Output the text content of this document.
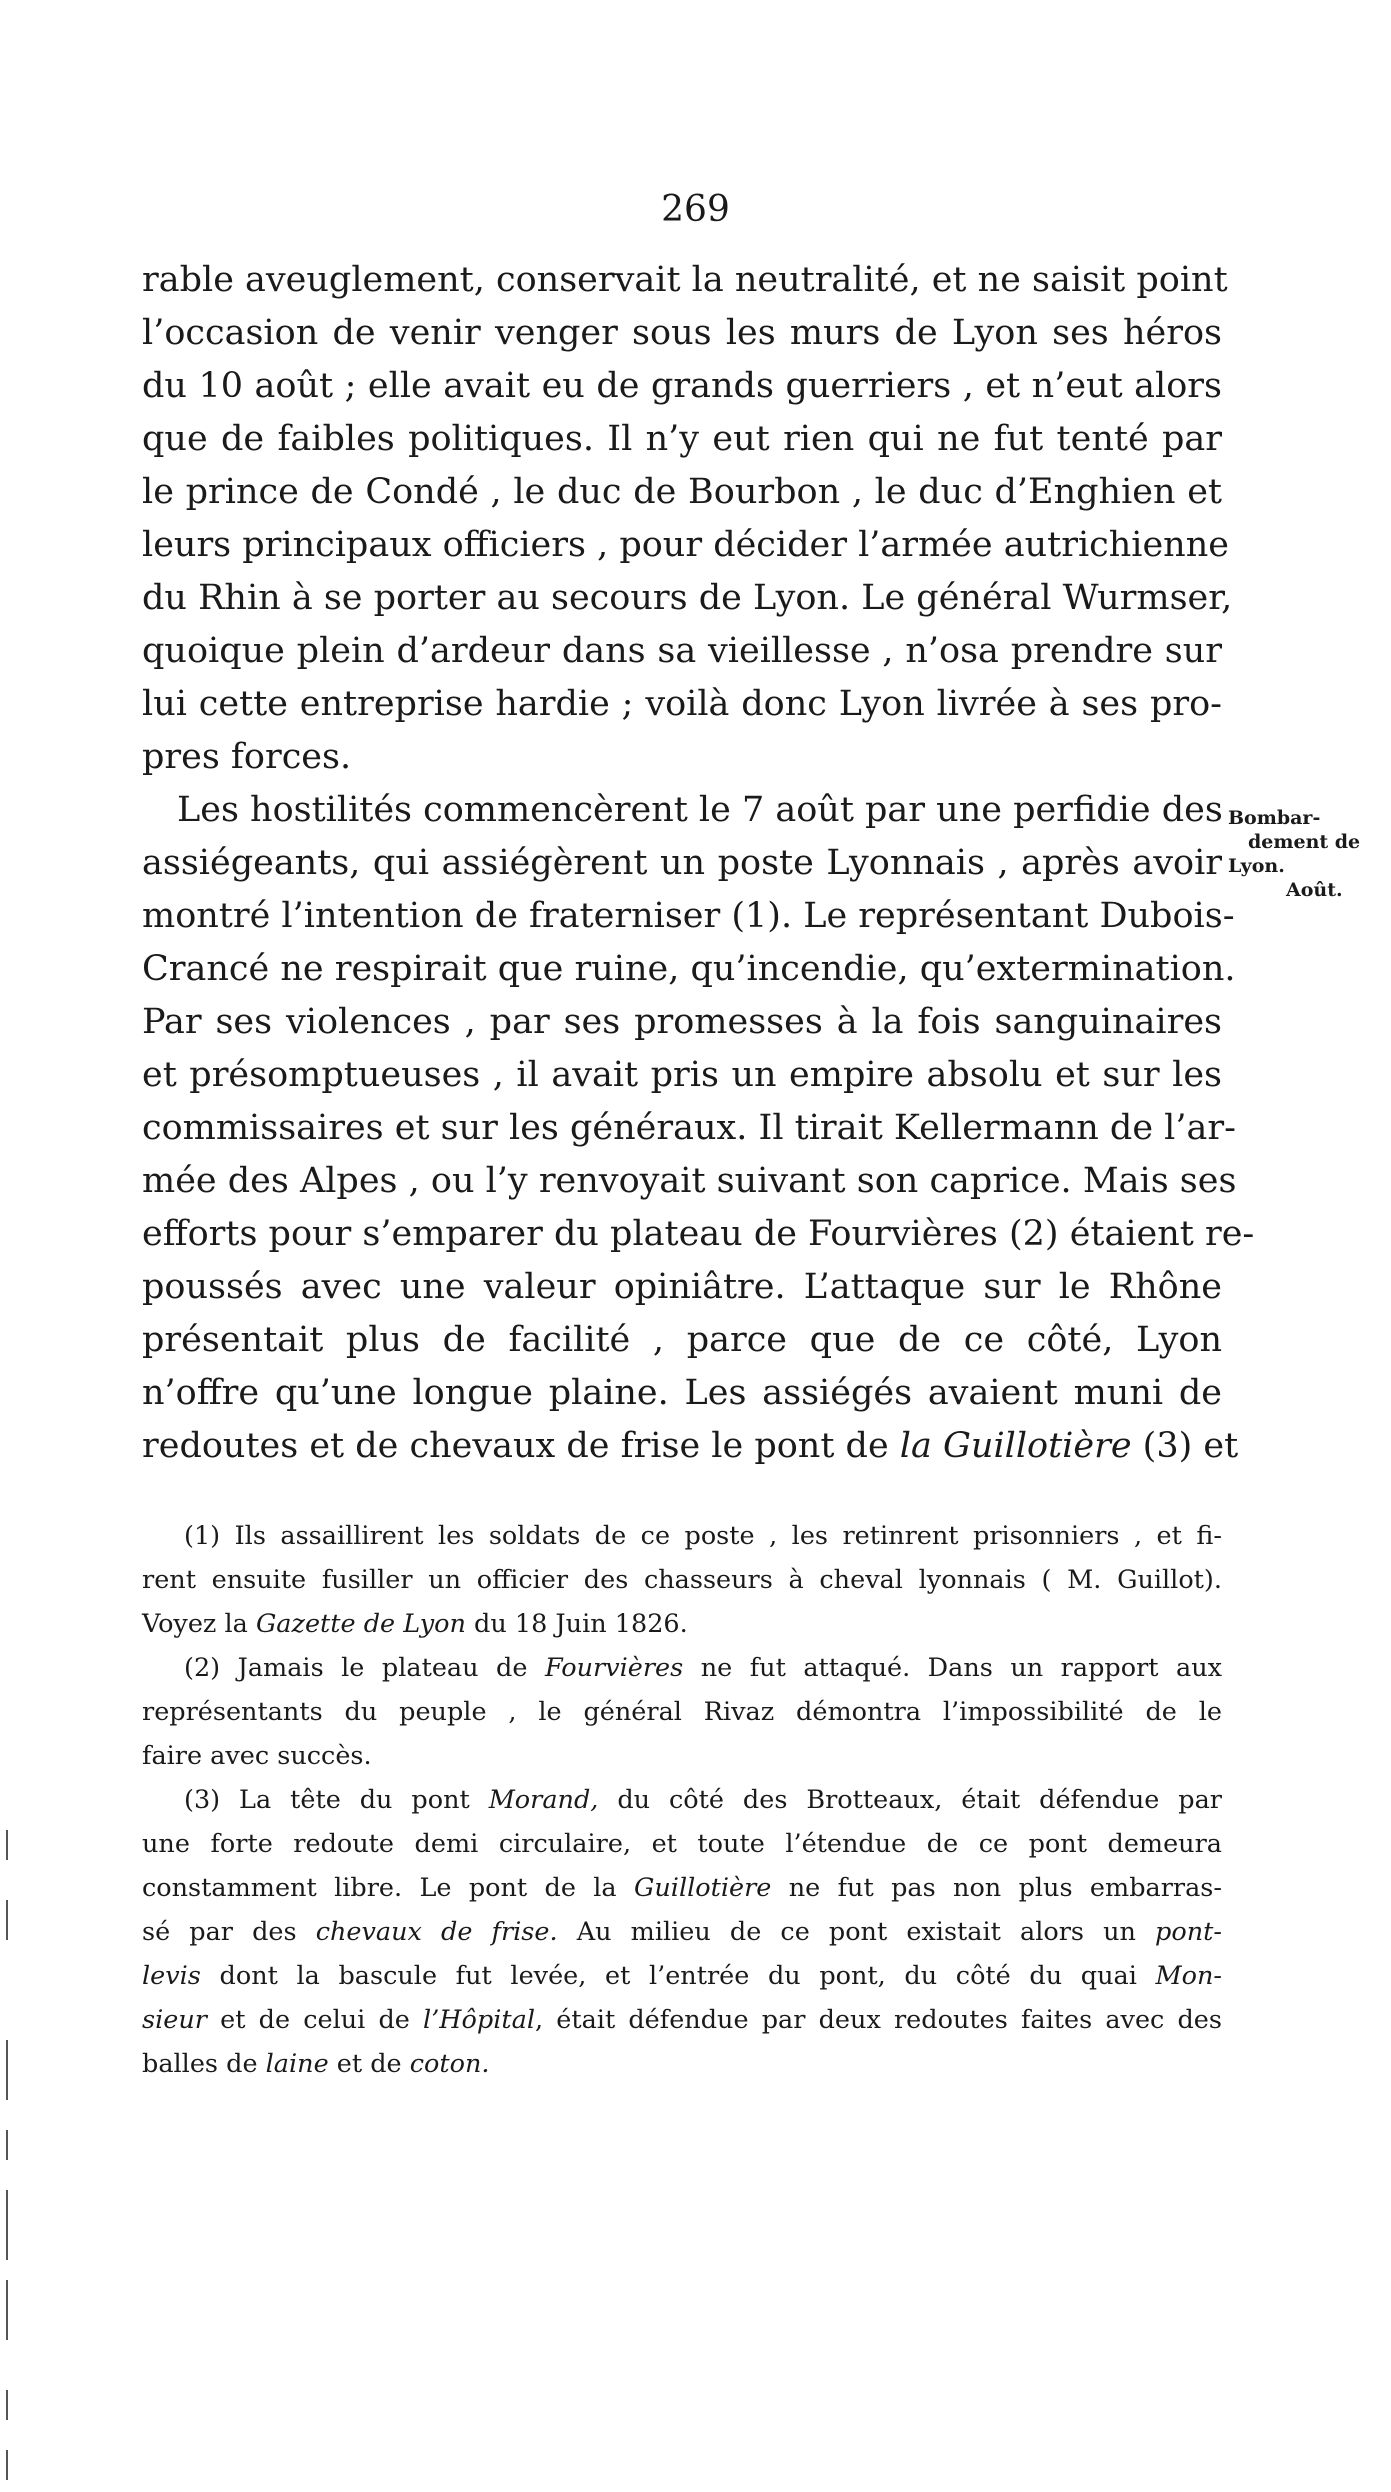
269
rable aveuglement, conservait la neutralité, et ne saisit point
l’occasion de venir venger sous les murs de Lyon ses héros
du 10 août ; elle avait eu de grands guerriers , et n’eut alors
que de faibles politiques. Il n’y eut rien qui ne fut tenté par
le prince de Condé , le duc de Bourbon , le duc d’Enghien et
leurs principaux officiers , pour décider l’armée autrichienne
du Rhin à se porter au secours de Lyon. Le général Wurmser,
quoique plein d’ardeur dans sa vieillesse , n’osa prendre sur
lui cette entreprise hardie ; voilà donc Lyon livrée à ses pro-
pres forces.
Les hostilités commencèrent le 7 août par une perfidie des
assiégeants, qui assiégèrent un poste Lyonnais , après avoir
montré l’intention de fraterniser (1). Le représentant Dubois-
Crancé ne respirait que ruine, qu’incendie, qu’extermination.
Par ses violences , par ses promesses à la fois sanguinaires
et présomptueuses , il avait pris un empire absolu et sur les
commissaires et sur les généraux. Il tirait Kellermann de l’ar-
mée des Alpes , ou l’y renvoyait suivant son caprice. Mais ses
efforts pour s’emparer du plateau de Fourvières (2) étaient re-
poussés avec une valeur opiniâtre. L’attaque sur le Rhône
présentait plus de facilité , parce que de ce côté, Lyon
n’offre qu’une longue plaine. Les assiégés avaient muni de
redoutes et de chevaux de frise le pont de la Guillotière (3) et
Bombar-
dement de
Lyon.
Août.
(1) Ils assaillirent les soldats de ce poste , les retinrent prisonniers , et fi-
rent ensuite fusiller un officier des chasseurs à cheval lyonnais ( M. Guillot).
Voyez la Gazette de Lyon du 18 Juin 1826.
(2) Jamais le plateau de Fourvières ne fut attaqué. Dans un rapport aux
représentants du peuple , le général Rivaz démontra l’impossibilité de le
faire avec succès.
(3) La tête du pont Morand, du côté des Brotteaux, était défendue par
une forte redoute demi circulaire, et toute l’étendue de ce pont demeura
constamment libre. Le pont de la Guillotière ne fut pas non plus embarras-
sé par des chevaux de frise. Au milieu de ce pont existait alors un pont-
levis dont la bascule fut levée, et l’entrée du pont, du côté du quai Mon-
sieur et de celui de l’Hôpital, était défendue par deux redoutes faites avec des
balles de laine et de coton.
